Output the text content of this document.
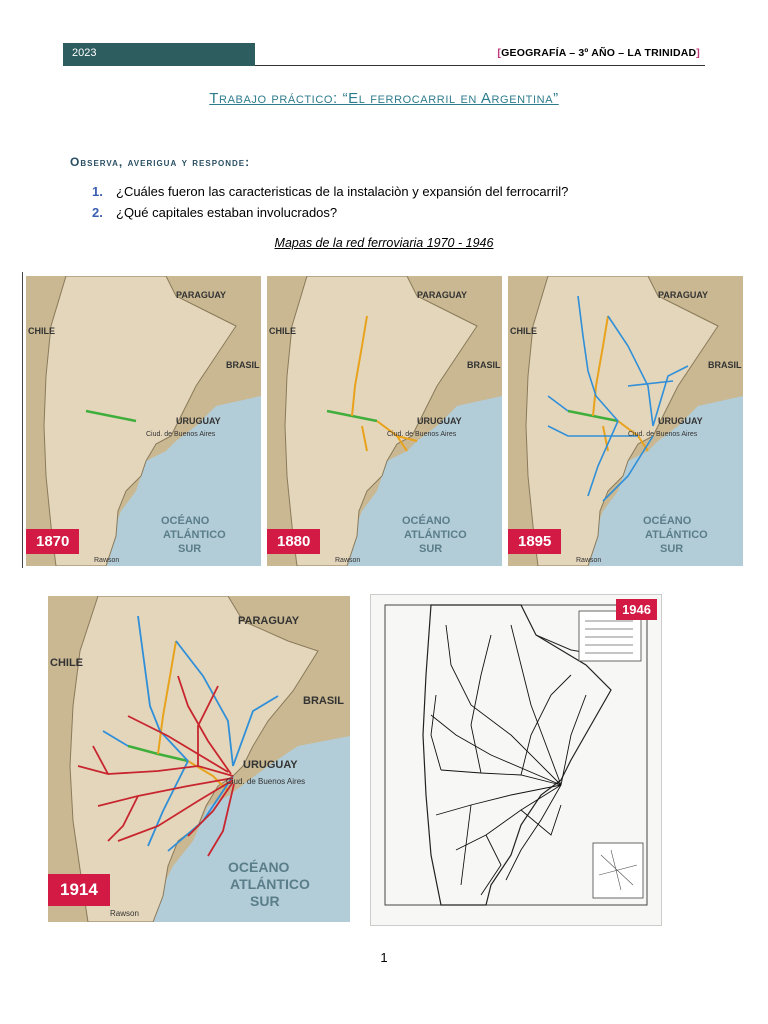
2023	[GEOGRAFÍA – 3º AÑO – LA TRINIDAD]
Trabajo práctico: “El ferrocarril en Argentina”
Observa, averigua y responde:
1. ¿Cuáles fueron las caracteristicas de la instalaciòn y expansión del ferrocarril?
2. ¿Qué capitales estaban involucrados?
Mapas de la red ferroviaria 1970 - 1946
PARAGUAY
CHILE
BRASIL
URUGUAY
Ciud. de Buenos Aires
OCÉANO
ATLÁNTICO
SUR
Rawson
1870
PARAGUAY
CHILE
BRASIL
URUGUAY
Ciud. de Buenos Aires
OCÉANO
ATLÁNTICO
SUR
Rawson
1880
PARAGUAY
CHILE
BRASIL
URUGUAY
Ciud. de Buenos Aires
OCÉANO
ATLÁNTICO
SUR
Rawson
1895
PARAGUAY
CHILE
BRASIL
URUGUAY
Ciud. de Buenos Aires
OCÉANO
ATLÁNTICO
SUR
Rawson
1914
1946
1
